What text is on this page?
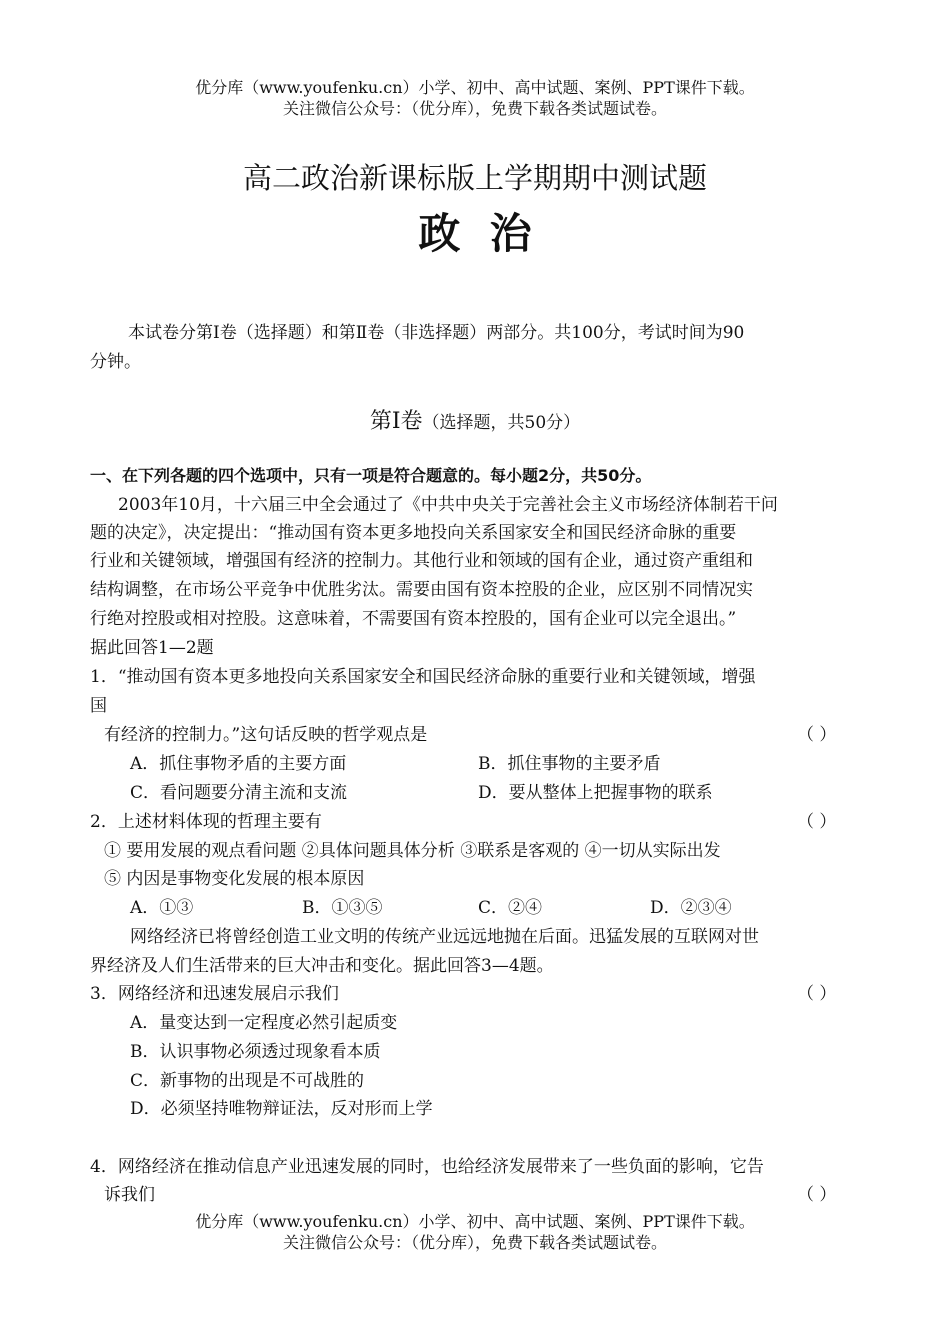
优分库（www.youfenku.cn）小学、初中、高中试题、案例、PPT课件下载。
关注微信公众号：（优分库），免费下载各类试题试卷。
高二政治新课标版上学期期中测试题
政  治
本试卷分第Ⅰ卷（选择题）和第Ⅱ卷（非选择题）两部分。共100分，考试时间为90
分钟。
第Ⅰ卷（选择题，共50分）
一、在下列各题的四个选项中，只有一项是符合题意的。每小题2分，共50分。
2003年10月，十六届三中全会通过了《中共中央关于完善社会主义市场经济体制若干问
题的决定》，决定提出：“推动国有资本更多地投向关系国家安全和国民经济命脉的重要
行业和关键领域，增强国有经济的控制力。其他行业和领域的国有企业，通过资产重组和
结构调整，在市场公平竞争中优胜劣汰。需要由国有资本控股的企业，应区别不同情况实
行绝对控股或相对控股。这意味着，不需要国有资本控股的，国有企业可以完全退出。”
据此回答1—2题
1．“推动国有资本更多地投向关系国家安全和国民经济命脉的重要行业和关键领域，增强
国
有经济的控制力。”这句话反映的哲学观点是	（ ）
A．抓住事物矛盾的主要方面	B．抓住事物的主要矛盾
C．看问题要分清主流和支流	D．要从整体上把握事物的联系
2．上述材料体现的哲理主要有	（ ）
① 要用发展的观点看问题 ②具体问题具体分析 ③联系是客观的 ④一切从实际出发
⑤ 内因是事物变化发展的根本原因
A．①③	B．①③⑤	C．②④	D．②③④
网络经济已将曾经创造工业文明的传统产业远远地抛在后面。迅猛发展的互联网对世
界经济及人们生活带来的巨大冲击和变化。据此回答3—4题。
3．网络经济和迅速发展启示我们	（ ）
A．量变达到一定程度必然引起质变
B．认识事物必须透过现象看本质
C．新事物的出现是不可战胜的
D．必须坚持唯物辩证法，反对形而上学
4．网络经济在推动信息产业迅速发展的同时，也给经济发展带来了一些负面的影响，它告
诉我们	（ ）
优分库（www.youfenku.cn）小学、初中、高中试题、案例、PPT课件下载。
关注微信公众号：（优分库），免费下载各类试题试卷。
